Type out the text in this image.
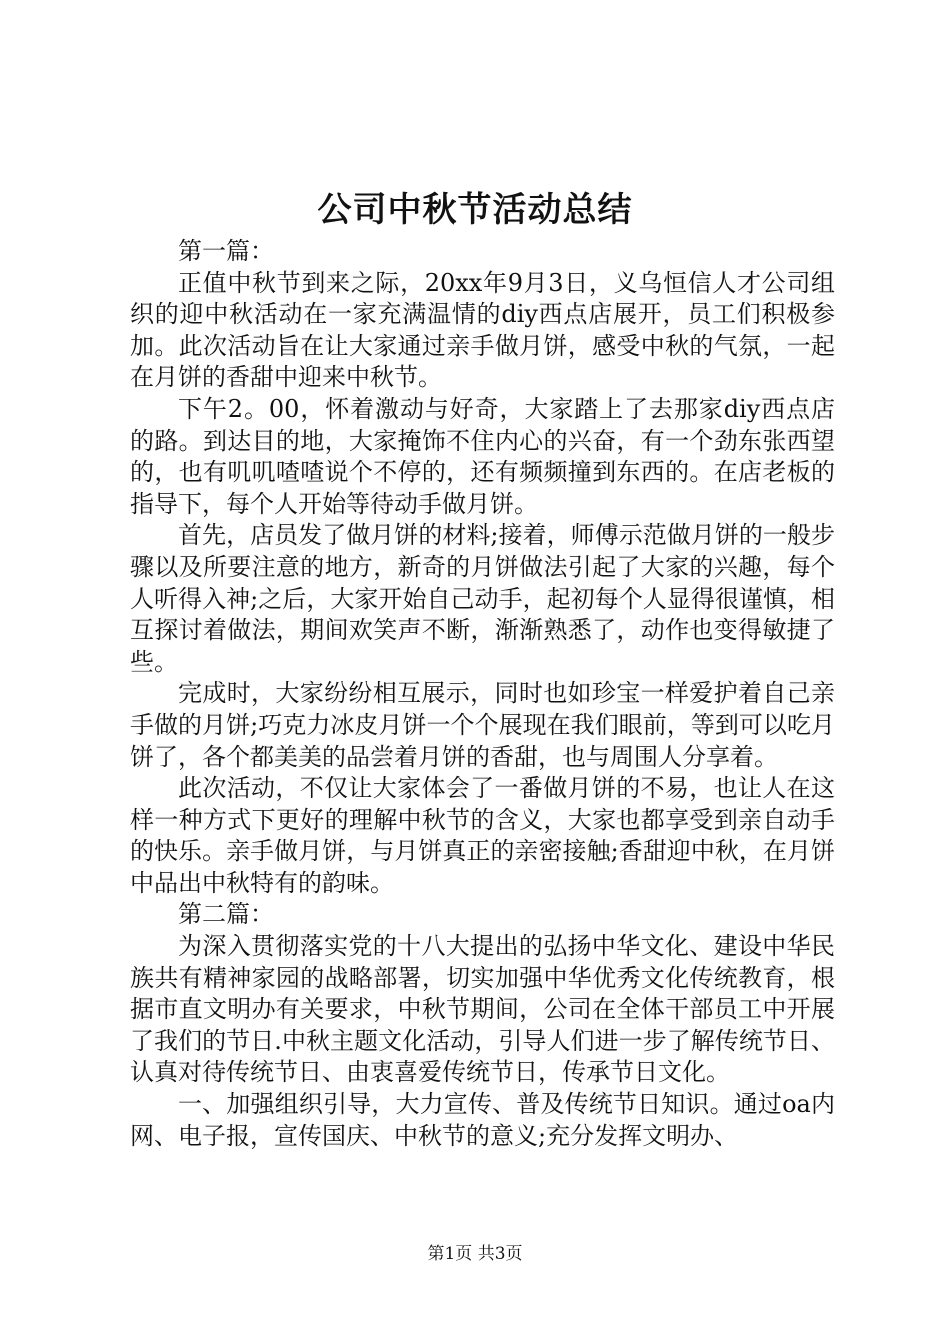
公司中秋节活动总结

第一篇：

正值中秋节到来之际，20xx年9月3日，义乌恒信人才公司组织的迎中秋活动在一家充满温情的diy西点店展开，员工们积极参加。此次活动旨在让大家通过亲手做月饼，感受中秋的气氛，一起在月饼的香甜中迎来中秋节。

下午2。00，怀着激动与好奇，大家踏上了去那家diy西点店的路。到达目的地，大家掩饰不住内心的兴奋，有一个劲东张西望的，也有叽叽喳喳说个不停的，还有频频撞到东西的。在店老板的指导下，每个人开始等待动手做月饼。

首先，店员发了做月饼的材料;接着，师傅示范做月饼的一般步骤以及所要注意的地方，新奇的月饼做法引起了大家的兴趣，每个人听得入神;之后，大家开始自己动手，起初每个人显得很谨慎，相互探讨着做法，期间欢笑声不断，渐渐熟悉了，动作也变得敏捷了些。

完成时，大家纷纷相互展示，同时也如珍宝一样爱护着自己亲手做的月饼;巧克力冰皮月饼一个个展现在我们眼前，等到可以吃月饼了，各个都美美的品尝着月饼的香甜，也与周围人分享着。

此次活动，不仅让大家体会了一番做月饼的不易，也让人在这样一种方式下更好的理解中秋节的含义，大家也都享受到亲自动手的快乐。亲手做月饼，与月饼真正的亲密接触;香甜迎中秋，在月饼中品出中秋特有的韵味。

第二篇：

为深入贯彻落实党的十八大提出的弘扬中华文化、建设中华民族共有精神家园的战略部署，切实加强中华优秀文化传统教育，根据市直文明办有关要求，中秋节期间，公司在全体干部员工中开展了我们的节日.中秋主题文化活动，引导人们进一步了解传统节日、认真对待传统节日、由衷喜爱传统节日，传承节日文化。

一、加强组织引导，大力宣传、普及传统节日知识。通过oa内网、电子报，宣传国庆、中秋节的意义;充分发挥文明办、

第1页 共3页
